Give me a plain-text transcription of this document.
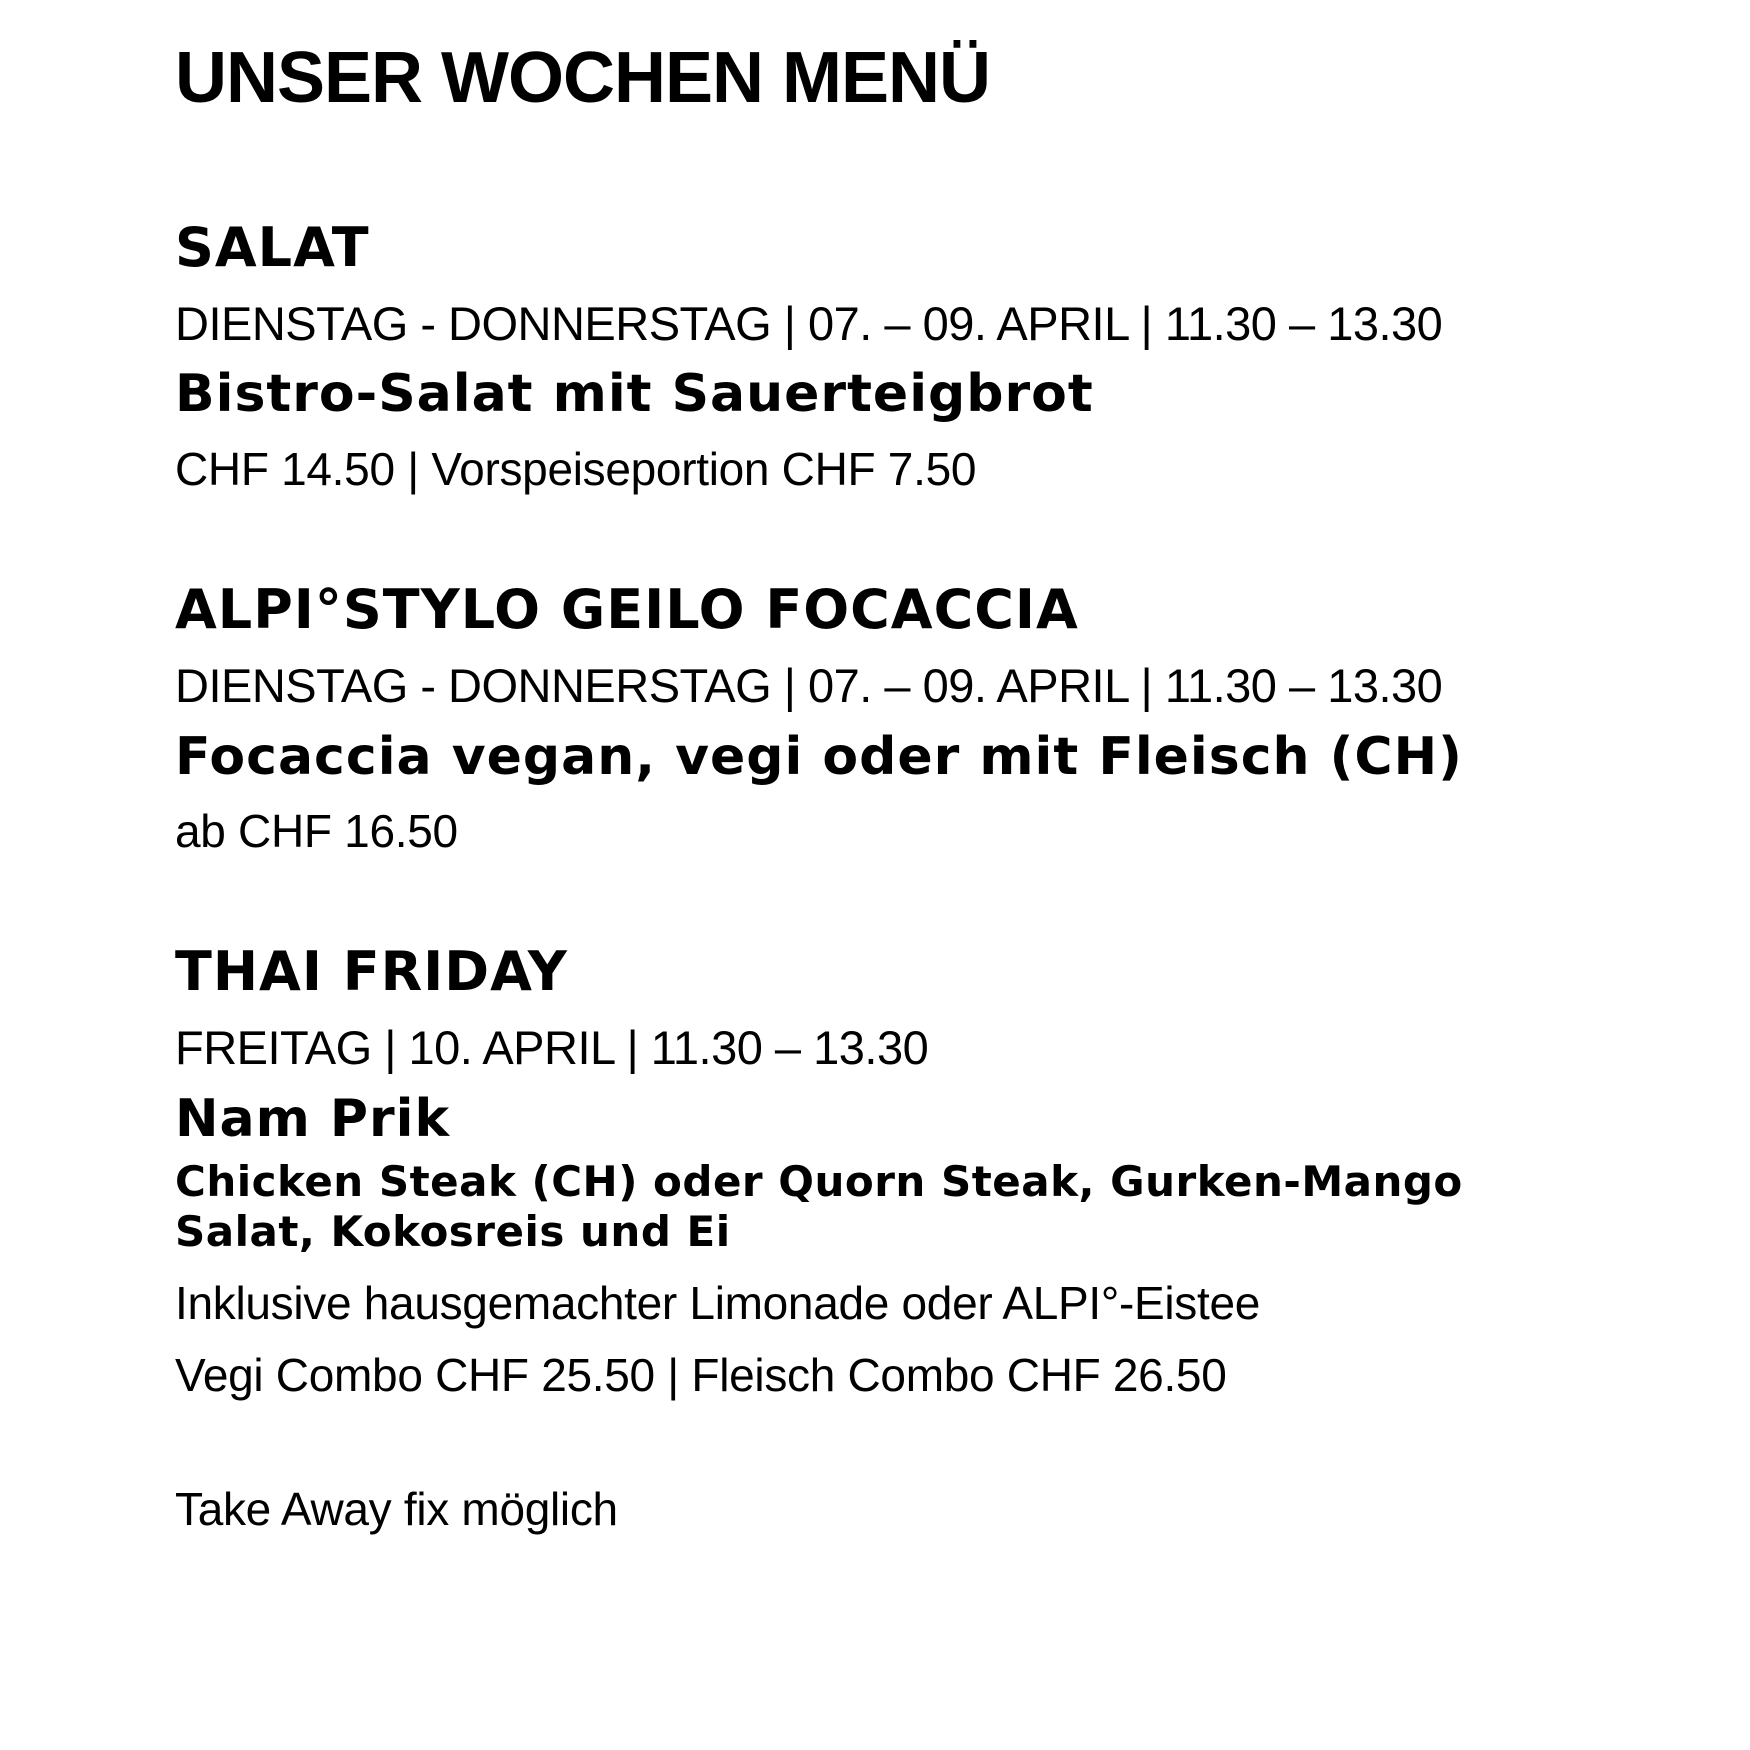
UNSER WOCHEN MENÜ
SALAT
DIENSTAG - DONNERSTAG | 07. – 09. APRIL | 11.30 – 13.30
Bistro-Salat mit Sauerteigbrot
CHF 14.50 | Vorspeiseportion CHF 7.50
ALPI°STYLO GEILO FOCACCIA
DIENSTAG - DONNERSTAG | 07. – 09. APRIL | 11.30 – 13.30
Focaccia vegan, vegi oder mit Fleisch (CH)
ab CHF 16.50
THAI FRIDAY
FREITAG | 10. APRIL | 11.30 – 13.30
Nam Prik
Chicken Steak (CH) oder Quorn Steak, Gurken-Mango
Salat, Kokosreis und Ei
Inklusive hausgemachter Limonade oder ALPI°-Eistee
Vegi Combo CHF 25.50 | Fleisch Combo CHF 26.50
Take Away fix möglich
